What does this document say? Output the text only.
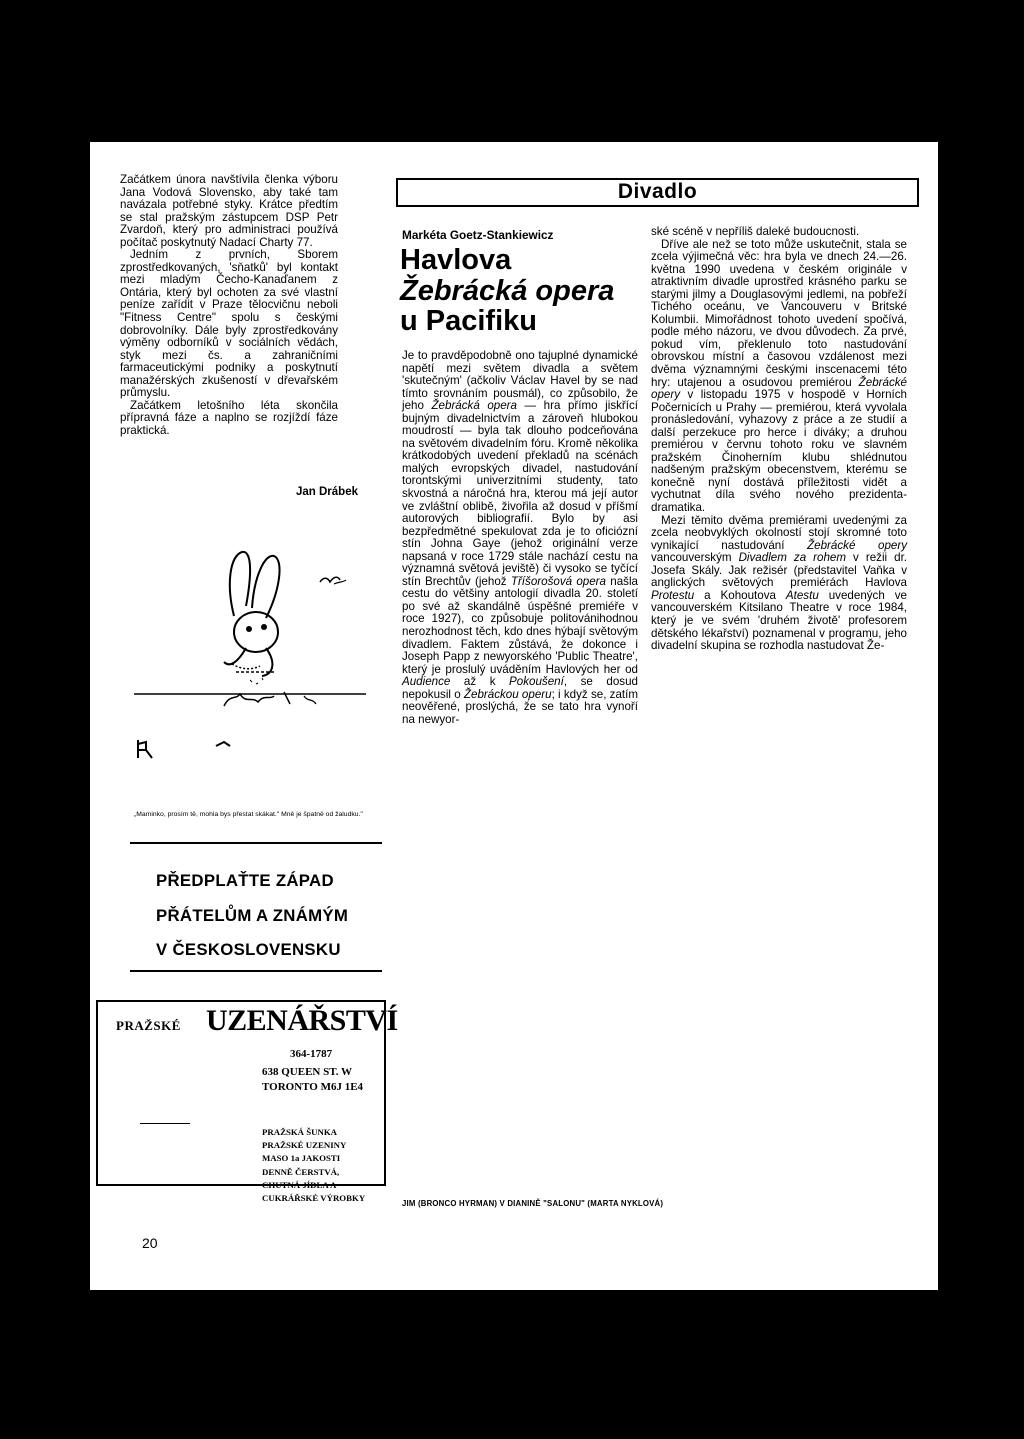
Začátkem února navštívila členka výboru Jana Vodová Slovensko, aby také tam navázala potřebné styky. Krátce předtím se stal pražským zástupcem DSP Petr Zvardoň, který pro administraci používá počítač poskytnutý Nadací Charty 77.

Jedním z prvních, Sborem zprostředkovaných, 'sňatků' byl kontakt mezi mladým Čecho-Kanaďanem z Ontária, který byl ochoten za své vlastní peníze zařídit v Praze tělocvičnu neboli "Fitness Centre" spolu s českými dobrovolníky. Dále byly zprostředkovány výměny odborníků v sociálních vědách, styk mezi čs. a zahraničními farmaceutickými podniky a poskytnutí manažérských zkušeností v dřevařském průmyslu.

Začátkem letošního léta skončila přípravná fáze a naplno se rozjíždí fáze praktická.

Jan Drábek
„Maminko, prosím tě, mohla bys přestat skákat." Mně je špatně od žaludku."
PŘEDPLAŤTE ZÁPAD
PŘÁTELŮM A ZNÁMÝM
V ČESKOSLOVENSKU
PRAŽSKÉ UZENÁŘSTVÍ
364-1787
638 QUEEN ST. W
TORONTO M6J 1E4
PRAŽSKÁ ŠUNKA
PRAŽSKÉ UZENINY
MASO 1a JAKOSTI
DENNĚ ČERSTVÁ,
CHUTNÁ JÍDLA A
CUKRÁŘSKÉ VÝROBKY
Divadlo
Markéta Goetz-Stankiewicz
Havlova
Žebrácká opera
u Pacifiku

Je to pravděpodobně ono tajuplné dynamické napětí mezi světem divadla a světem 'skutečným' (ačkoliv Václav Havel by se nad tímto srovnáním pousmál), co způsobilo, že jeho Žebrácká opera — hra přímo jiskřící bujným divadelnictvím a zároveň hlubokou moudrostí — byla tak dlouho podceňována na světovém divadelním fóru. Kromě několika krátkodobých uvedení překladů na scénách malých evropských divadel, nastudování torontskými univerzitními studenty, tato skvostná a náročná hra, kterou má její autor ve zvláštní oblibě, živořila až dosud v příšmí autorových bibliografií. Bylo by asi bezpředmětné spekulovat zda je to oficiózní stín Johna Gaye (jehož originální verze napsaná v roce 1729 stále nachází cestu na významná světová jeviště) či vysoko se tyčící stín Brechtův (jehož Tříšorošová opera našla cestu do většiny antologií divadla 20. století po své až skandálně úspěšné premiéře v roce 1927), co způsobuje politovánihodnou nerozhodnost těch, kdo dnes hýbají světovým divadlem. Faktem zůstává, že dokonce i Joseph Papp z newyorského 'Public Theatre', který je proslulý uváděním Havlových her od Audience až k Pokoušení, se dosud nepokusil o Žebráckou operu; i když se, zatím neověřené, proslýchá, že se tato hra vynoří na newyor-

ské scéně v nepříliš daleké budoucnosti.

Dříve ale než se toto může uskutečnit, stala se zcela výjimečná věc: hra byla ve dnech 24.—26. května 1990 uvedena v českém originále v atraktivním divadle uprostřed krásného parku se starými jilmy a Douglasovými jedlemi, na pobřeží Tichého oceánu, ve Vancouveru v Britské Kolumbii. Mimořádnost tohoto uvedení spočívá, podle mého názoru, ve dvou důvodech. Za prvé, pokud vím, překlenulo toto nastudování obrovskou místní a časovou vzdálenost mezi dvěma významnými českými inscenacemi této hry: utajenou a osudovou premiérou Žebrácké opery v listopadu 1975 v hospodě v Horních Počernicích u Prahy — premiérou, která vyvolala pronásledování, vyhazovy z práce a ze studií a další perzekuce pro herce i diváky; a druhou premiérou v červnu tohoto roku ve slavném pražském Činoherním klubu shlédnutou nadšeným pražským obecenstvem, kterému se konečně nyní dostává příležitosti vidět a vychutnat díla svého nového prezidenta-dramatika.

Mezi těmito dvěma premiérami uvedenými za zcela neobvyklých okolností stojí skromné toto vynikající nastudování Žebrácké opery vancouverským Divadlem za rohem v režii dr. Josefa Skály. Jak režisér (představitel Vaňka v anglických světových premiérách Havlova Protestu a Kohoutova Atestu uvedených ve vancouverském Kitsilano Theatre v roce 1984, který je ve svém 'druhém životě' profesorem dětského lékařství) poznamenal v programu, jeho divadelní skupina se rozhodla nastudovat Že-

JIM (BRONCO HYRMAN) V DIANINĚ "SALONU" (MARTA NYKLOVÁ)
20
